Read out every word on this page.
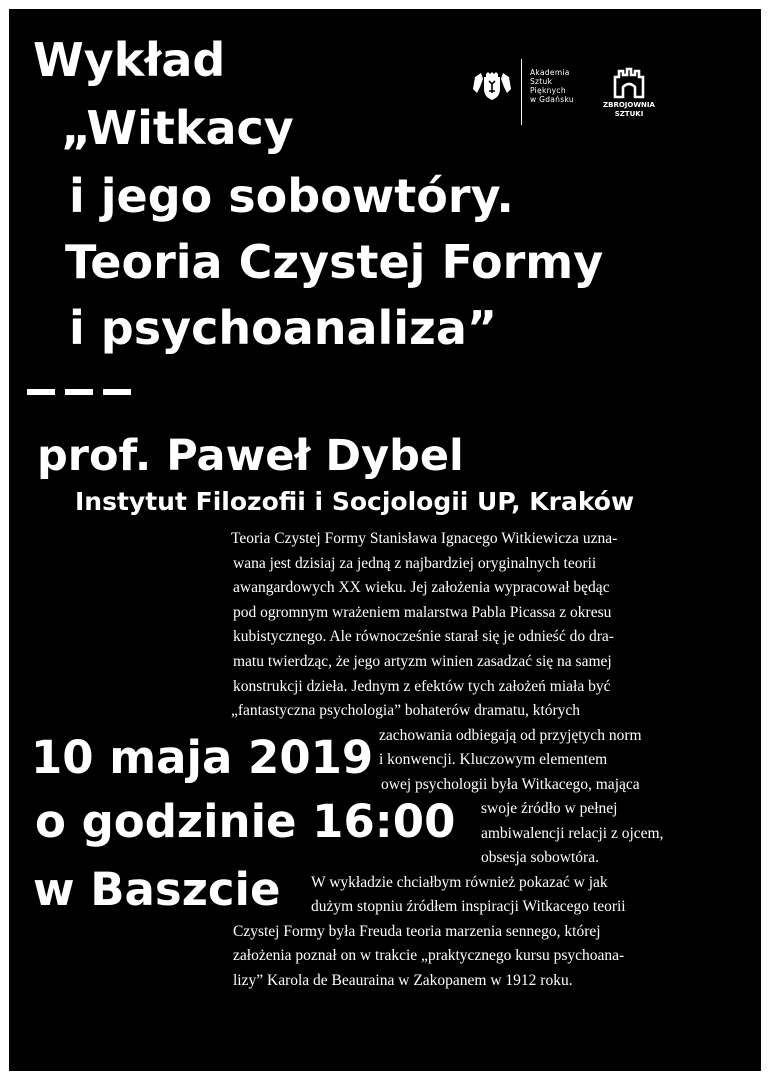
Wykład
„Witkacy
i jego sobowtóry.
Teoria Czystej Formy
i psychoanaliza”
prof. Paweł Dybel
Instytut Filozofii i Socjologii UP, Kraków
10 maja 2019
o godzinie 16:00
w Baszcie

Teoria Czystej Formy Stanisława Ignacego Witkiewicza uzna-

wana jest dzisiaj za jedną z najbardziej oryginalnych teorii

awangardowych XX wieku. Jej założenia wypracował będąc

pod ogromnym wrażeniem malarstwa Pabla Picassa z okresu

kubistycznego. Ale równocześnie starał się je odnieść do dra-

matu twierdząc, że jego artyzm winien zasadzać się na samej

konstrukcji dzieła. Jednym z efektów tych założeń miała być

„fantastyczna psychologia” bohaterów dramatu, których

zachowania odbiegają od przyjętych norm

i konwencji. Kluczowym elementem

owej psychologii była Witkacego, mająca

swoje źródło w pełnej

ambiwalencji relacji z ojcem,

obsesja sobowtóra.

W wykładzie chciałbym również pokazać w jak

dużym stopniu źródłem inspiracji Witkacego teorii

Czystej Formy była Freuda teoria marzenia sennego, której

założenia poznał on w trakcie „praktycznego kursu psychoana-

lizy” Karola de Beauraina w Zakopanem w 1912 roku.

Akademia
Sztuk
Pięknych
w Gdańsku
ZBROJOWNIA
SZTUKI
